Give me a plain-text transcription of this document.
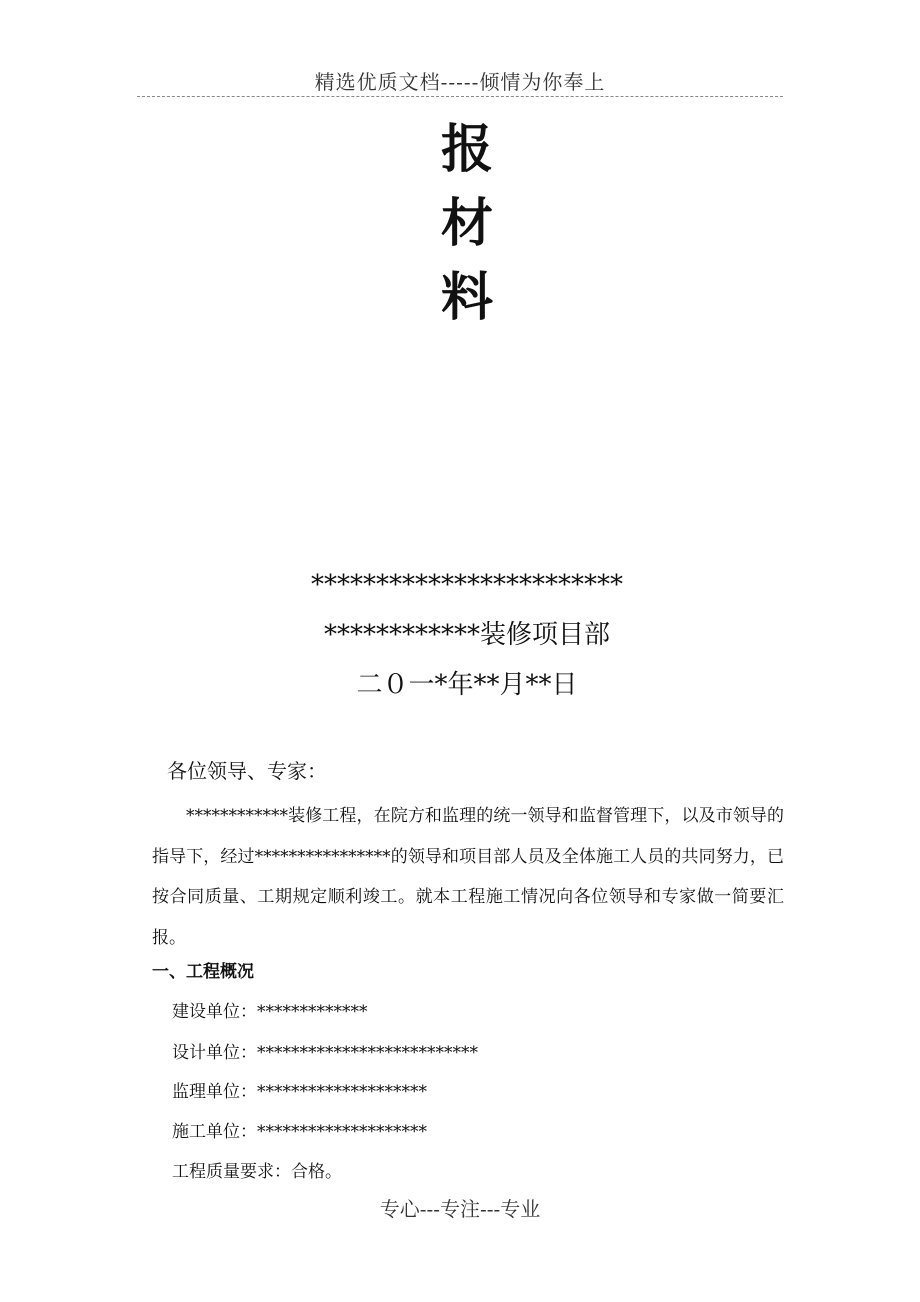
精选优质文档-----倾情为你奉上
报
材
料
************************
************装修项目部
二０一*年**月**日
各位领导、专家：
************装修工程，在院方和监理的统一领导和监督管理下，以及市领导的指导下，经过****************的领导和项目部人员及全体施工人员的共同努力，已按合同质量、工期规定顺利竣工。就本工程施工情况向各位领导和专家做一简要汇报。
一、工程概况
建设单位：*************
设计单位：**************************
监理单位：********************
施工单位：********************
工程质量要求：合格。
专心---专注---专业
